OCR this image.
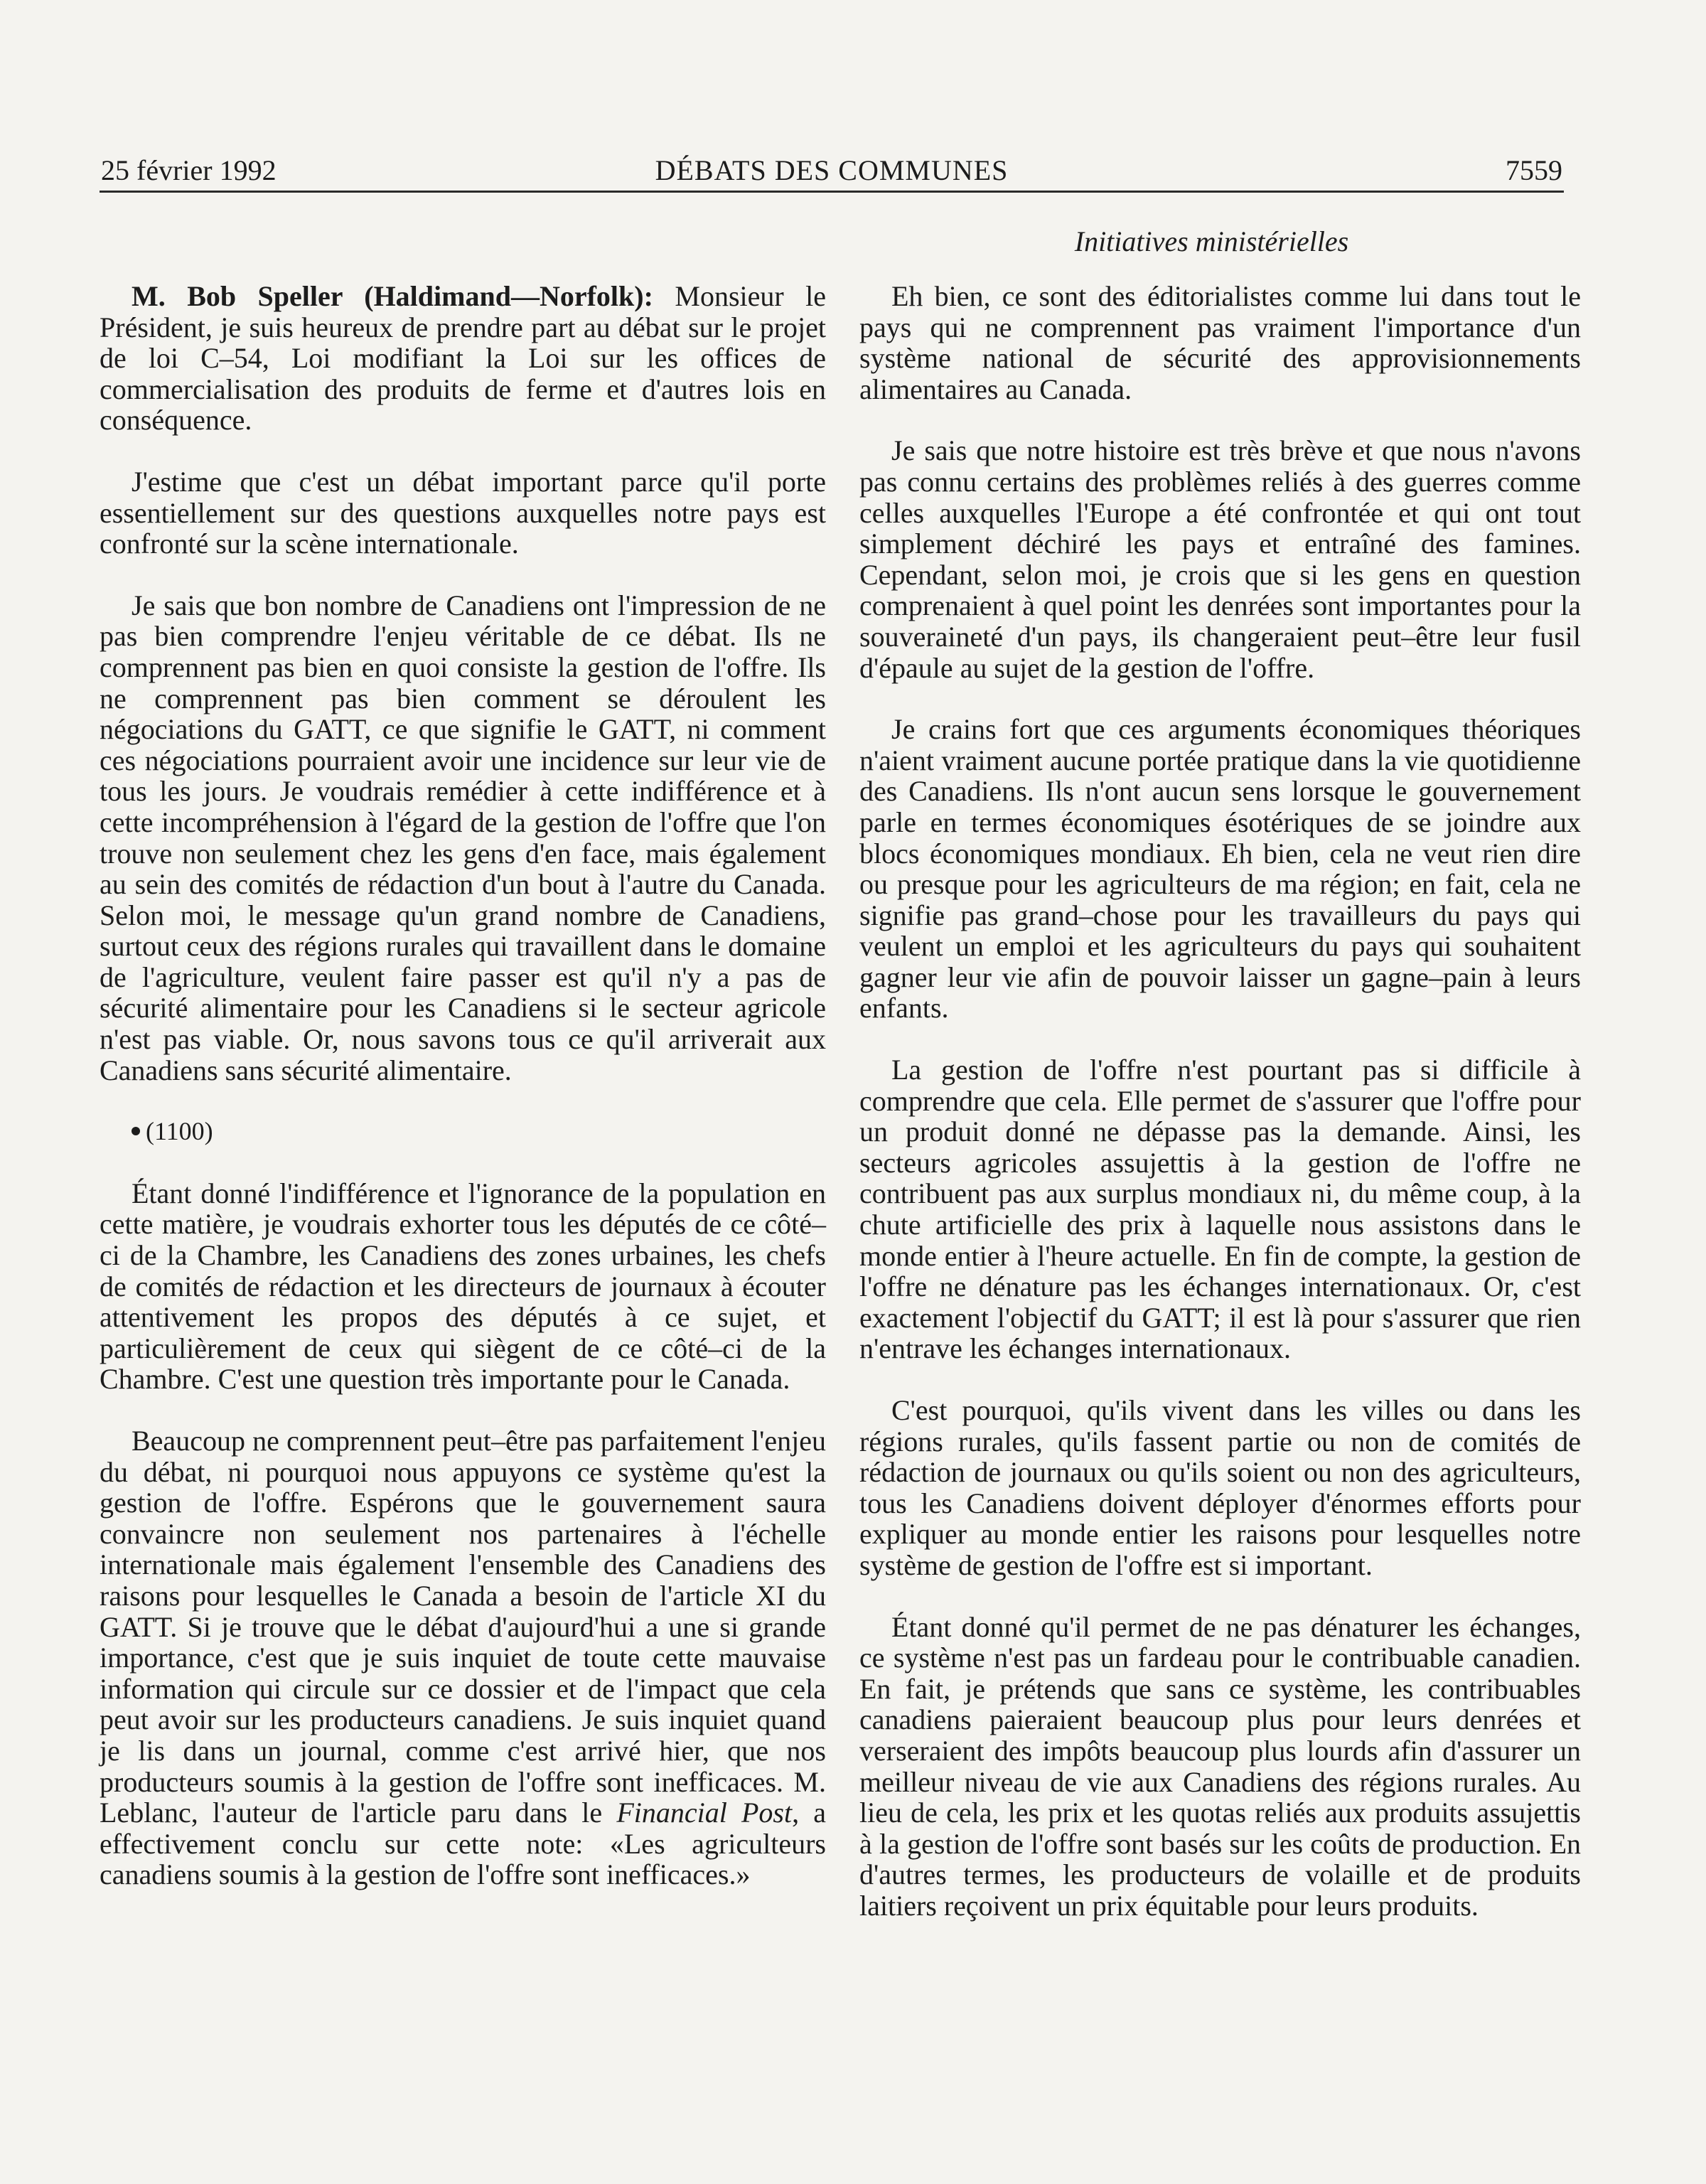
25 février 1992	DÉBATS DES COMMUNES	7559
Initiatives ministérielles

M. Bob Speller (Haldimand—Norfolk): Monsieur le Président, je suis heureux de prendre part au débat sur le projet de loi C–54, Loi modifiant la Loi sur les offices de commercialisation des produits de ferme et d'autres lois en conséquence.

J'estime que c'est un débat important parce qu'il porte essentiellement sur des questions auxquelles notre pays est confronté sur la scène internationale.

Je sais que bon nombre de Canadiens ont l'impression de ne pas bien comprendre l'enjeu véritable de ce débat. Ils ne comprennent pas bien en quoi consiste la gestion de l'offre. Ils ne comprennent pas bien comment se déroulent les négociations du GATT, ce que signifie le GATT, ni comment ces négociations pourraient avoir une incidence sur leur vie de tous les jours. Je voudrais remédier à cette indifférence et à cette incompréhension à l'égard de la gestion de l'offre que l'on trouve non seulement chez les gens d'en face, mais également au sein des comités de rédaction d'un bout à l'autre du Canada. Selon moi, le message qu'un grand nombre de Canadiens, surtout ceux des régions rurales qui travaillent dans le domaine de l'agriculture, veulent faire passer est qu'il n'y a pas de sécurité alimentaire pour les Canadiens si le secteur agricole n'est pas viable. Or, nous savons tous ce qu'il arriverait aux Canadiens sans sécurité alimentaire.

(1100)

Étant donné l'indifférence et l'ignorance de la population en cette matière, je voudrais exhorter tous les députés de ce côté–ci de la Chambre, les Canadiens des zones urbaines, les chefs de comités de rédaction et les directeurs de journaux à écouter attentivement les propos des députés à ce sujet, et particulièrement de ceux qui siègent de ce côté–ci de la Chambre. C'est une question très importante pour le Canada.

Beaucoup ne comprennent peut–être pas parfaitement l'enjeu du débat, ni pourquoi nous appuyons ce système qu'est la gestion de l'offre. Espérons que le gouvernement saura convaincre non seulement nos partenaires à l'échelle internationale mais également l'ensemble des Canadiens des raisons pour lesquelles le Canada a besoin de l'article XI du GATT. Si je trouve que le débat d'aujourd'hui a une si grande importance, c'est que je suis inquiet de toute cette mauvaise information qui circule sur ce dossier et de l'impact que cela peut avoir sur les producteurs canadiens. Je suis inquiet quand je lis dans un journal, comme c'est arrivé hier, que nos producteurs soumis à la gestion de l'offre sont inefficaces. M. Leblanc, l'auteur de l'article paru dans le Financial Post, a effectivement conclu sur cette note: «Les agriculteurs canadiens soumis à la gestion de l'offre sont inefficaces.»

Eh bien, ce sont des éditorialistes comme lui dans tout le pays qui ne comprennent pas vraiment l'importance d'un système national de sécurité des approvisionnements alimentaires au Canada.

Je sais que notre histoire est très brève et que nous n'avons pas connu certains des problèmes reliés à des guerres comme celles auxquelles l'Europe a été confrontée et qui ont tout simplement déchiré les pays et entraîné des famines. Cependant, selon moi, je crois que si les gens en question comprenaient à quel point les denrées sont importantes pour la souveraineté d'un pays, ils changeraient peut–être leur fusil d'épaule au sujet de la gestion de l'offre.

Je crains fort que ces arguments économiques théoriques n'aient vraiment aucune portée pratique dans la vie quotidienne des Canadiens. Ils n'ont aucun sens lorsque le gouvernement parle en termes économiques ésotériques de se joindre aux blocs économiques mondiaux. Eh bien, cela ne veut rien dire ou presque pour les agriculteurs de ma région; en fait, cela ne signifie pas grand–chose pour les travailleurs du pays qui veulent un emploi et les agriculteurs du pays qui souhaitent gagner leur vie afin de pouvoir laisser un gagne–pain à leurs enfants.

La gestion de l'offre n'est pourtant pas si difficile à comprendre que cela. Elle permet de s'assurer que l'offre pour un produit donné ne dépasse pas la demande. Ainsi, les secteurs agricoles assujettis à la gestion de l'offre ne contribuent pas aux surplus mondiaux ni, du même coup, à la chute artificielle des prix à laquelle nous assistons dans le monde entier à l'heure actuelle. En fin de compte, la gestion de l'offre ne dénature pas les échanges internationaux. Or, c'est exactement l'objectif du GATT; il est là pour s'assurer que rien n'entrave les échanges internationaux.

C'est pourquoi, qu'ils vivent dans les villes ou dans les régions rurales, qu'ils fassent partie ou non de comités de rédaction de journaux ou qu'ils soient ou non des agriculteurs, tous les Canadiens doivent déployer d'énormes efforts pour expliquer au monde entier les raisons pour lesquelles notre système de gestion de l'offre est si important.

Étant donné qu'il permet de ne pas dénaturer les échanges, ce système n'est pas un fardeau pour le contribuable canadien. En fait, je prétends que sans ce système, les contribuables canadiens paieraient beaucoup plus pour leurs denrées et verseraient des impôts beaucoup plus lourds afin d'assurer un meilleur niveau de vie aux Canadiens des régions rurales. Au lieu de cela, les prix et les quotas reliés aux produits assujettis à la gestion de l'offre sont basés sur les coûts de production. En d'autres termes, les producteurs de volaille et de produits laitiers reçoivent un prix équitable pour leurs produits.
